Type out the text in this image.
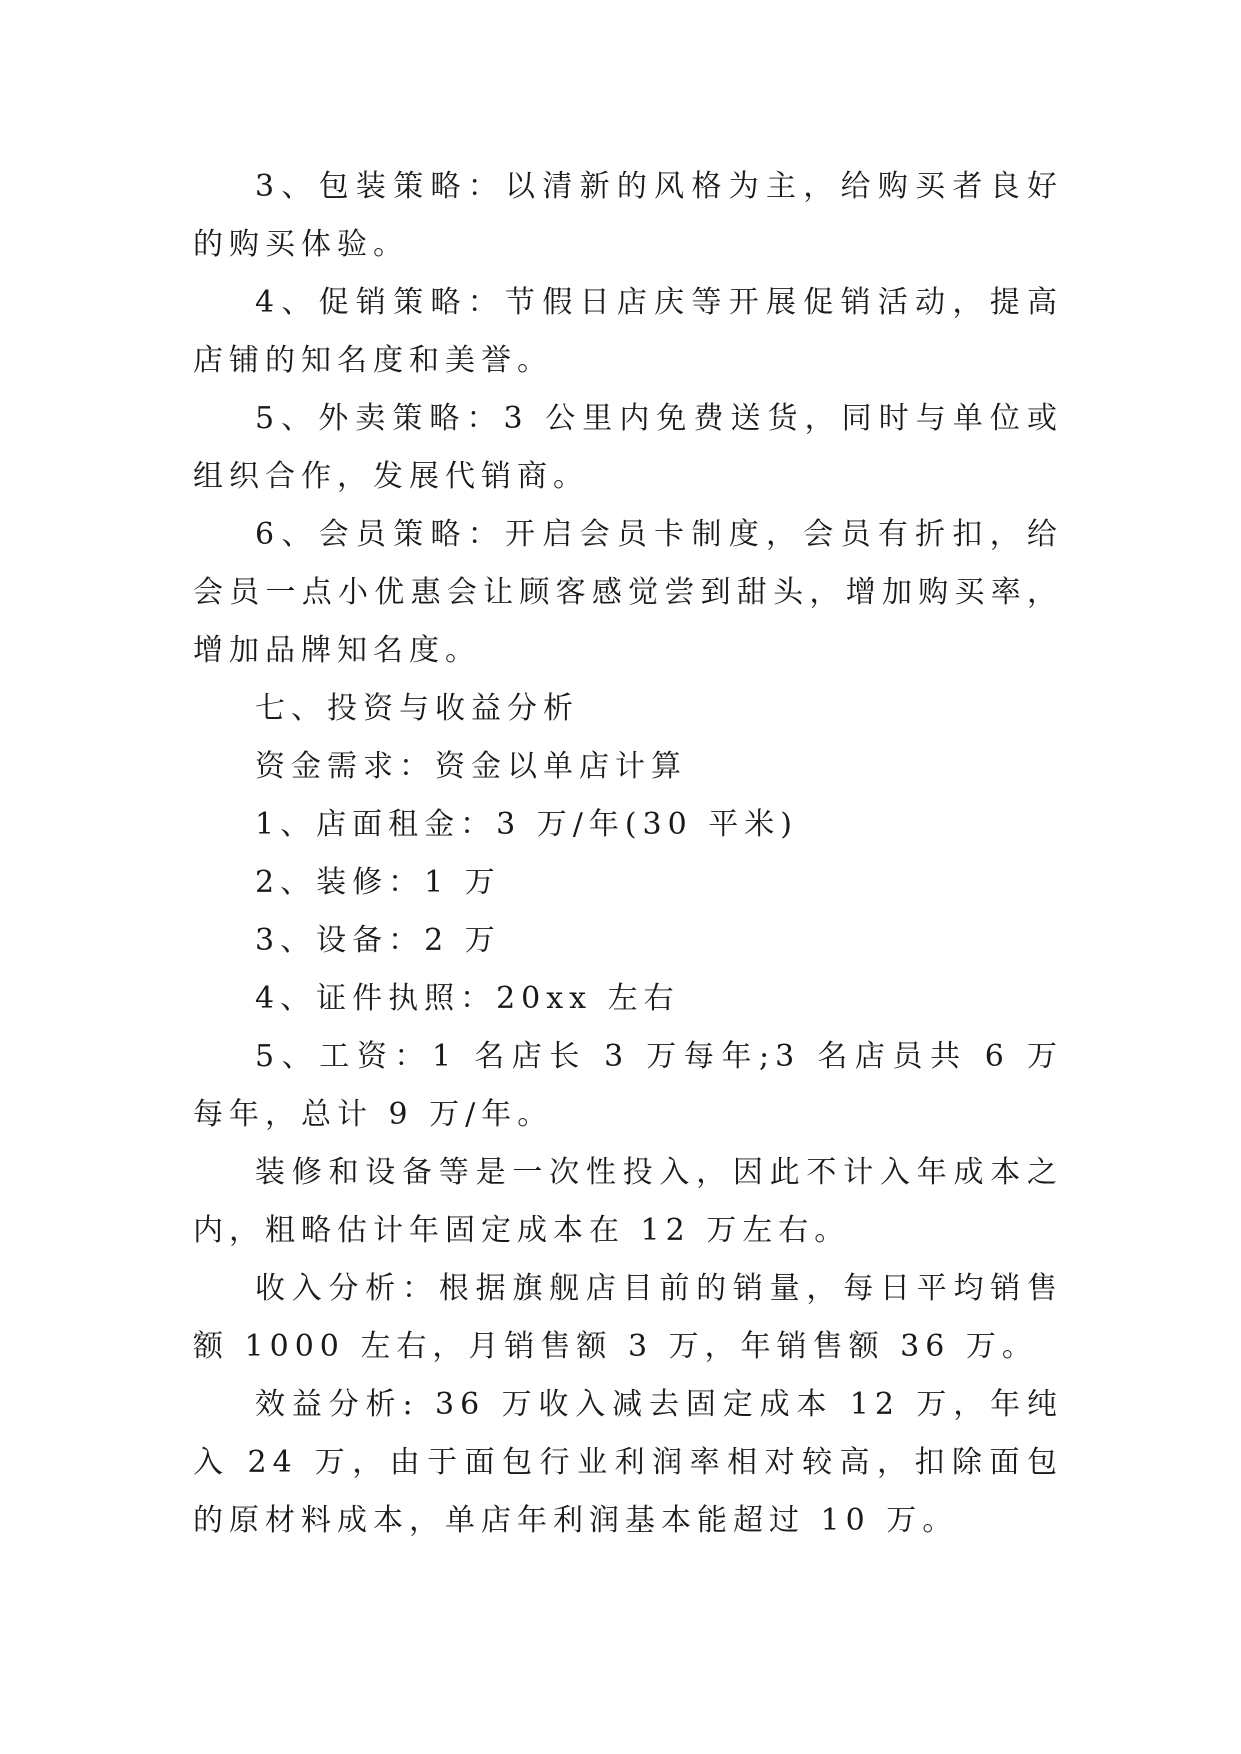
3、包装策略：以清新的风格为主，给购买者良好的购买体验。

4、促销策略：节假日店庆等开展促销活动，提高店铺的知名度和美誉。

5、外卖策略：3 公里内免费送货，同时与单位或组织合作，发展代销商。

6、会员策略：开启会员卡制度，会员有折扣，给会员一点小优惠会让顾客感觉尝到甜头，增加购买率，增加品牌知名度。

七、投资与收益分析

资金需求：资金以单店计算

1、店面租金：3 万/年(30 平米)

2、装修：1 万

3、设备：2 万

4、证件执照：20xx 左右

5、工资：1 名店长 3 万每年;3 名店员共 6 万每年，总计 9 万/年。

装修和设备等是一次性投入，因此不计入年成本之内，粗略估计年固定成本在 12 万左右。

收入分析：根据旗舰店目前的销量，每日平均销售额 1000 左右，月销售额 3 万，年销售额 36 万。

效益分析: 36 万收入减去固定成本 12 万，年纯入 24 万，由于面包行业利润率相对较高，扣除面包的原材料成本，单店年利润基本能超过 10 万。
